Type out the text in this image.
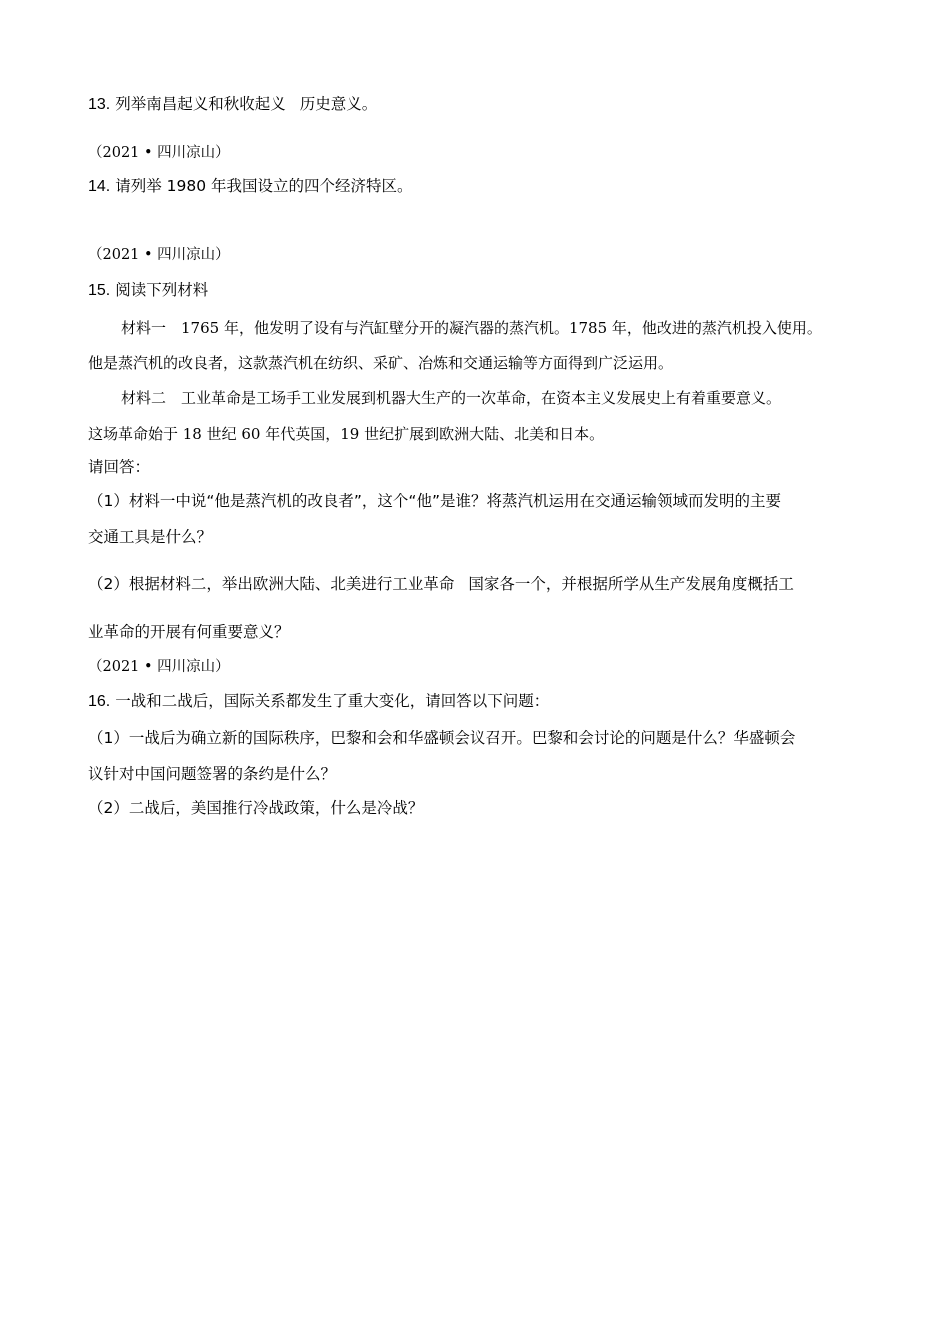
13. 列举南昌起义和秋收起义 历史意义。
（2021 • 四川凉山）
14. 请列举 1980 年我国设立的四个经济特区。
（2021 • 四川凉山）
15. 阅读下列材料
材料一　1765 年，他发明了设有与汽缸壁分开的凝汽器的蒸汽机。1785 年，他改进的蒸汽机投入使用。
他是蒸汽机的改良者，这款蒸汽机在纺织、采矿、冶炼和交通运输等方面得到广泛运用。
材料二　工业革命是工场手工业发展到机器大生产的一次革命，在资本主义发展史上有着重要意义。
这场革命始于 18 世纪 60 年代英国，19 世纪扩展到欧洲大陆、北美和日本。
请回答：
（1）材料一中说“他是蒸汽机的改良者”，这个“他”是谁？将蒸汽机运用在交通运输领域而发明的主要
交通工具是什么？
（2）根据材料二，举出欧洲大陆、北美进行工业革命 国家各一个，并根据所学从生产发展角度概括工
业革命的开展有何重要意义？
（2021 • 四川凉山）
16. 一战和二战后，国际关系都发生了重大变化，请回答以下问题：
（1）一战后为确立新的国际秩序，巴黎和会和华盛顿会议召开。巴黎和会讨论的问题是什么？华盛顿会
议针对中国问题签署的条约是什么？
（2）二战后，美国推行冷战政策，什么是冷战？
